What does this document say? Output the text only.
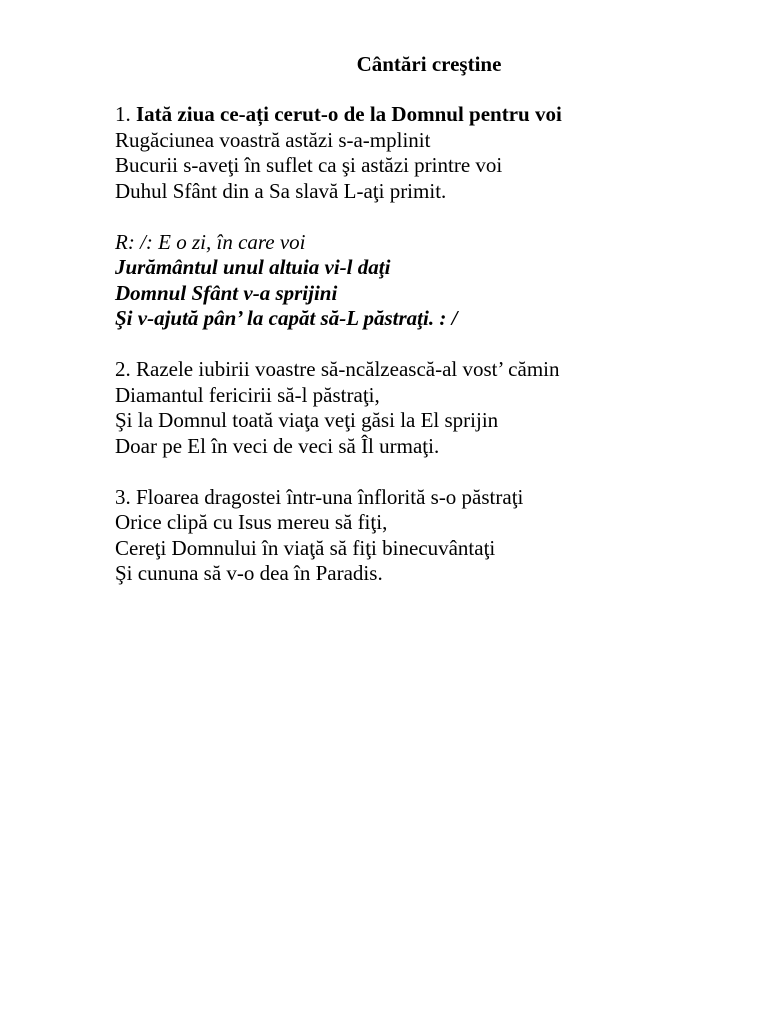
Cântări creştine
1. Iată ziua ce-ați cerut-o de la Domnul pentru voi
Rugăciunea voastră astăzi s-a-mplinit
Bucurii s-aveţi în suflet ca şi astăzi printre voi
Duhul Sfânt din a Sa slavă L-aţi primit.
R: /: E o zi, în care voi
Jurământul unul altuia vi-l daţi
Domnul Sfânt v-a sprijini
Şi v-ajută pân’ la capăt să-L păstraţi. : /
2. Razele iubirii voastre să-ncălzească-al vost’ cămin
Diamantul fericirii să-l păstraţi,
Şi la Domnul toată viaţa veţi găsi la El sprijin
Doar pe El în veci de veci să Îl urmaţi.
3. Floarea dragostei într-una înflorită s-o păstraţi
Orice clipă cu Isus mereu să fiţi,
Cereţi Domnului în viaţă să fiţi binecuvântaţi
Şi cununa să v-o dea în Paradis.
